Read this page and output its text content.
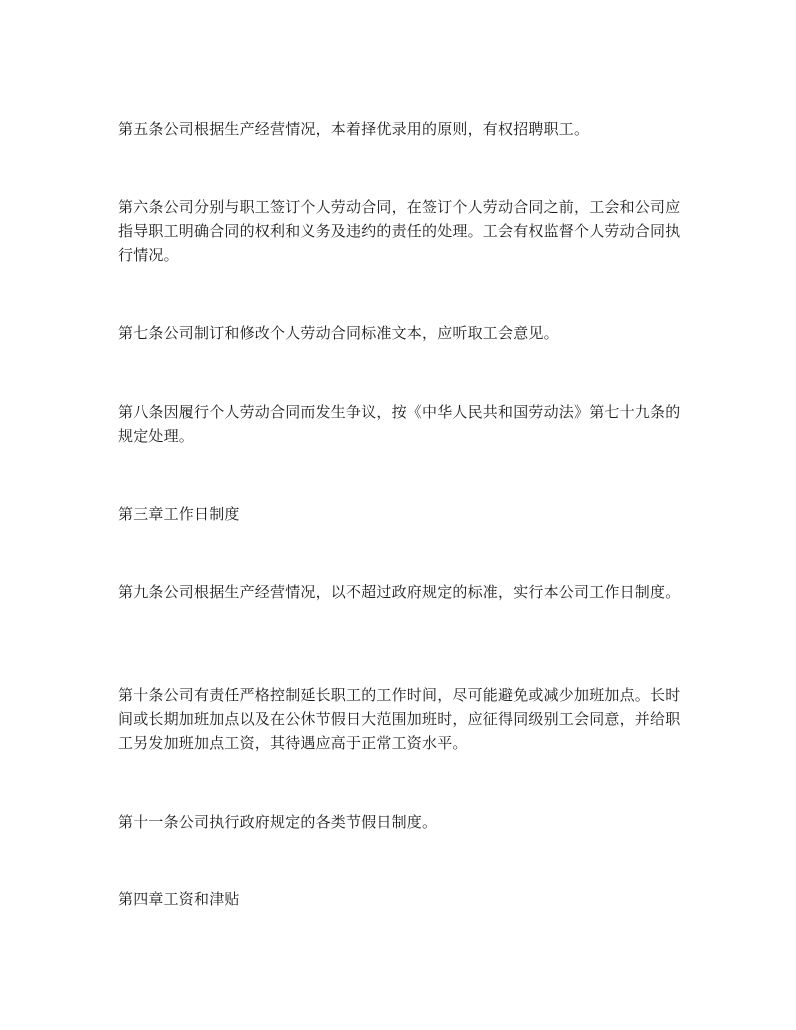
第五条公司根据生产经营情况，本着择优录用的原则，有权招聘职工。

第六条公司分别与职工签订个人劳动合同，在签订个人劳动合同之前，工会和公司应指导职工明确合同的权利和义务及违约的责任的处理。工会有权监督个人劳动合同执行情况。

第七条公司制订和修改个人劳动合同标准文本，应听取工会意见。

第八条因履行个人劳动合同而发生争议，按《中华人民共和国劳动法》第七十九条的规定处理。

第三章工作日制度

第九条公司根据生产经营情况，以不超过政府规定的标准，实行本公司工作日制度。

第十条公司有责任严格控制延长职工的工作时间，尽可能避免或减少加班加点。长时间或长期加班加点以及在公休节假日大范围加班时，应征得同级别工会同意，并给职工另发加班加点工资，其待遇应高于正常工资水平。

第十一条公司执行政府规定的各类节假日制度。

第四章工资和津贴
